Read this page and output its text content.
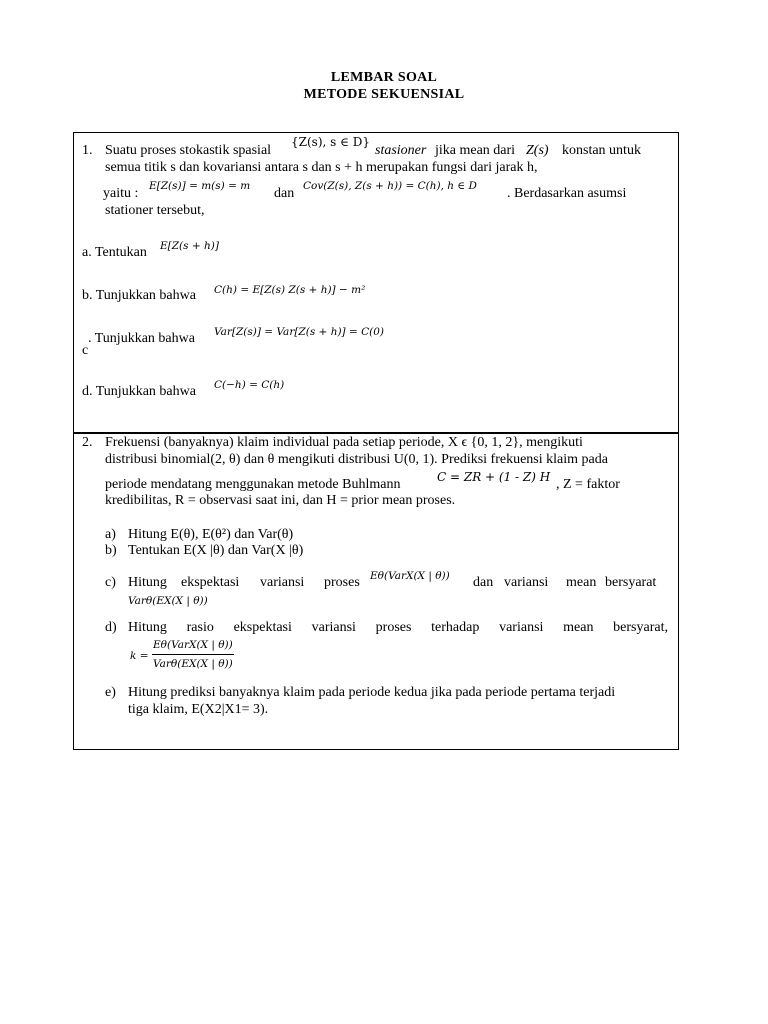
LEMBAR SOAL
METODE SEKUENSIAL
1. Suatu proses stokastik spasial
{Z(s), s ∈ D}
stasioner jika mean dari Z(s) konstan untuk
semua titik s dan kovariansi antara s dan s + h merupakan fungsi dari jarak h,
yaitu : E[Z(s)] = m(s) = m dan Cov(Z(s), Z(s + h)) = C(h), h ∈ D . Berdasarkan asumsi
stationer tersebut,
a. Tentukan E[Z(s + h)]
b. Tunjukkan bahwa C(h) = E[Z(s) Z(s + h)] − m²
. Tunjukkan bahwa
c
Var[Z(s)] = Var[Z(s + h)] = C(0)
d. Tunjukkan bahwa C(−h) = C(h)
2. Frekuensi (banyaknya) klaim individual pada setiap periode, X ϵ {0, 1, 2}, mengikuti
distribusi binomial(2, θ) dan θ mengikuti distribusi U(0, 1). Prediksi frekuensi klaim pada
periode mendatang menggunakan metode Buhlmann	C = ZR + (1 - Z) H , Z = faktor
kredibilitas, R = observasi saat ini, dan H = prior mean proses.
a) Hitung E(θ), E(θ²) dan Var(θ)
b) Tentukan E(X |θ) dan Var(X |θ)
c) Hitung ekspektasi variansi proses Eθ(VarX(X | θ)) dan variansi mean bersyarat
Varθ(EX(X | θ))
d) Hitung rasio ekspektasi variansi proses terhadap variansi mean bersyarat,
$k = \frac{\text{Eθ(VarX(X | θ))}}{\text{Varθ(EX(X | θ))}}$
e) Hitung prediksi banyaknya klaim pada periode kedua jika pada periode pertama terjadi
tiga klaim, E(X2|X1= 3).
